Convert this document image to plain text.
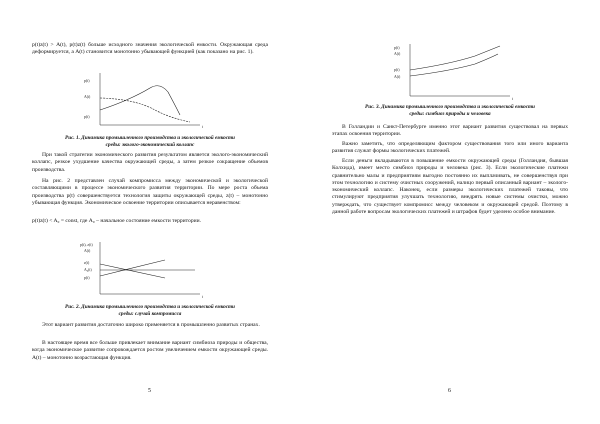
p(t)z(t) > A(t), p(t)z(t) больше исходного значения экологической емкости. Окружающая среда деформируется, а A(t) становится монотонно убывающей функцией (как показано на рис. 1).

p(t)
A(t)
p(t)
t

Рис. 1. Динамика промышленного производства и экологической емкости среды: эколого-экономический коллапс

При такой стратегии экономического развития результатом является эколого-экономический коллапс, резкое ухудшение качества окружающей среды, а затем резкое сокращение объемов производства.

На рис. 2 представлен случай компромисса между экономической и экологической составляющими в процессе экономического развития территории. По мере роста объема производства p(t) совершенствуется технология защиты окружающей среды, z(t) – монотонно убывающая функция. Экономическое освоение территории описывается неравенством:

p(t)z(t) < A₀ = const, где A₀ – начальное состояние емкости территории.

p(t), z(t)
A(t)
z(t)
A₀(t)
p(t)
t

Рис. 2. Динамика промышленного производства и экологической емкости среды: случай компромисса

Этот вариант развития достаточно широко применяется в промышленно развитых странах.

В настоящее время все больше привлекает внимание вариант симбиоза природы и общества, когда экономическое развитие сопровождается ростом увеличением емкости окружающей среды. A(t) – монотонно возрастающая функция.

5
p(t)
A(t)
p(t)
A(t)
t

Рис. 3. Динамика промышленного производства и экологической емкости среды: симбиоз природы и человека

В Голландии и Санкт-Петербурге именно этот вариант развития существовал на первых этапах освоения территории.

Важно заметить, что определяющим фактором существования того или иного варианта развития служат формы экологических платежей.

Если деньги вкладываются в повышение емкости окружающей среды (Голландия, бывшая Колхида), имеет место симбиоз природы и человека (рис. 3). Если экологические платежи сравнительно малы и предприятиям выгодно постоянно их выплачивать, не совершенствуя при этом технологию и систему очистных сооружений, налицо первый описанный вариант – эколого-экономический коллапс. Наконец, если размеры экологических платежей таковы, что стимулируют предприятия улучшать технологию, внедрять новые системы очистки, можно утверждать, что существует компромисс между человеком и окружающей средой. Поэтому в данной работе вопросам экологических платежей и штрафов будет уделено особое внимание.

6
